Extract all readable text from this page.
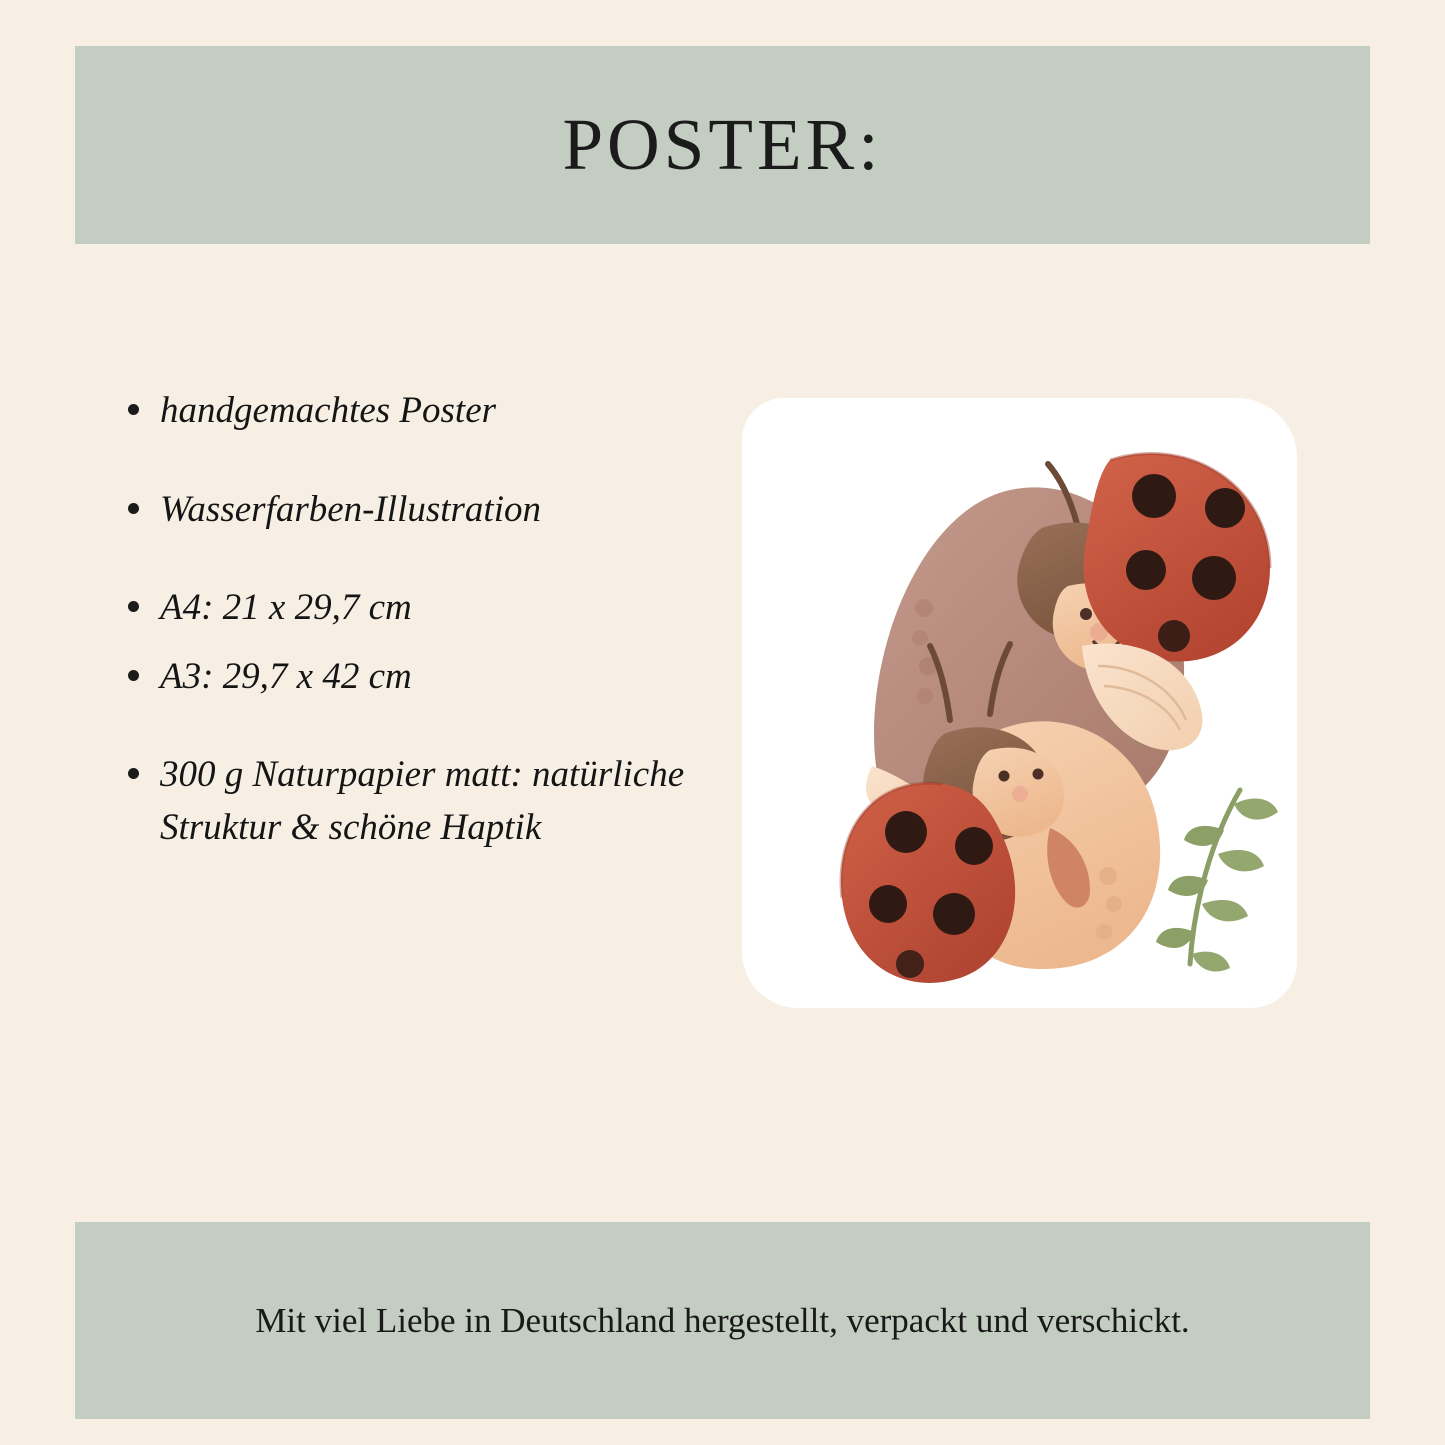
POSTER:
handgemachtes Poster
Wasserfarben-Illustration
A4: 21 x 29,7 cm
A3: 29,7 x 42 cm
300 g Naturpapier matt: natürliche Struktur & schöne Haptik
Mit viel Liebe in Deutschland hergestellt, verpackt und verschickt.
